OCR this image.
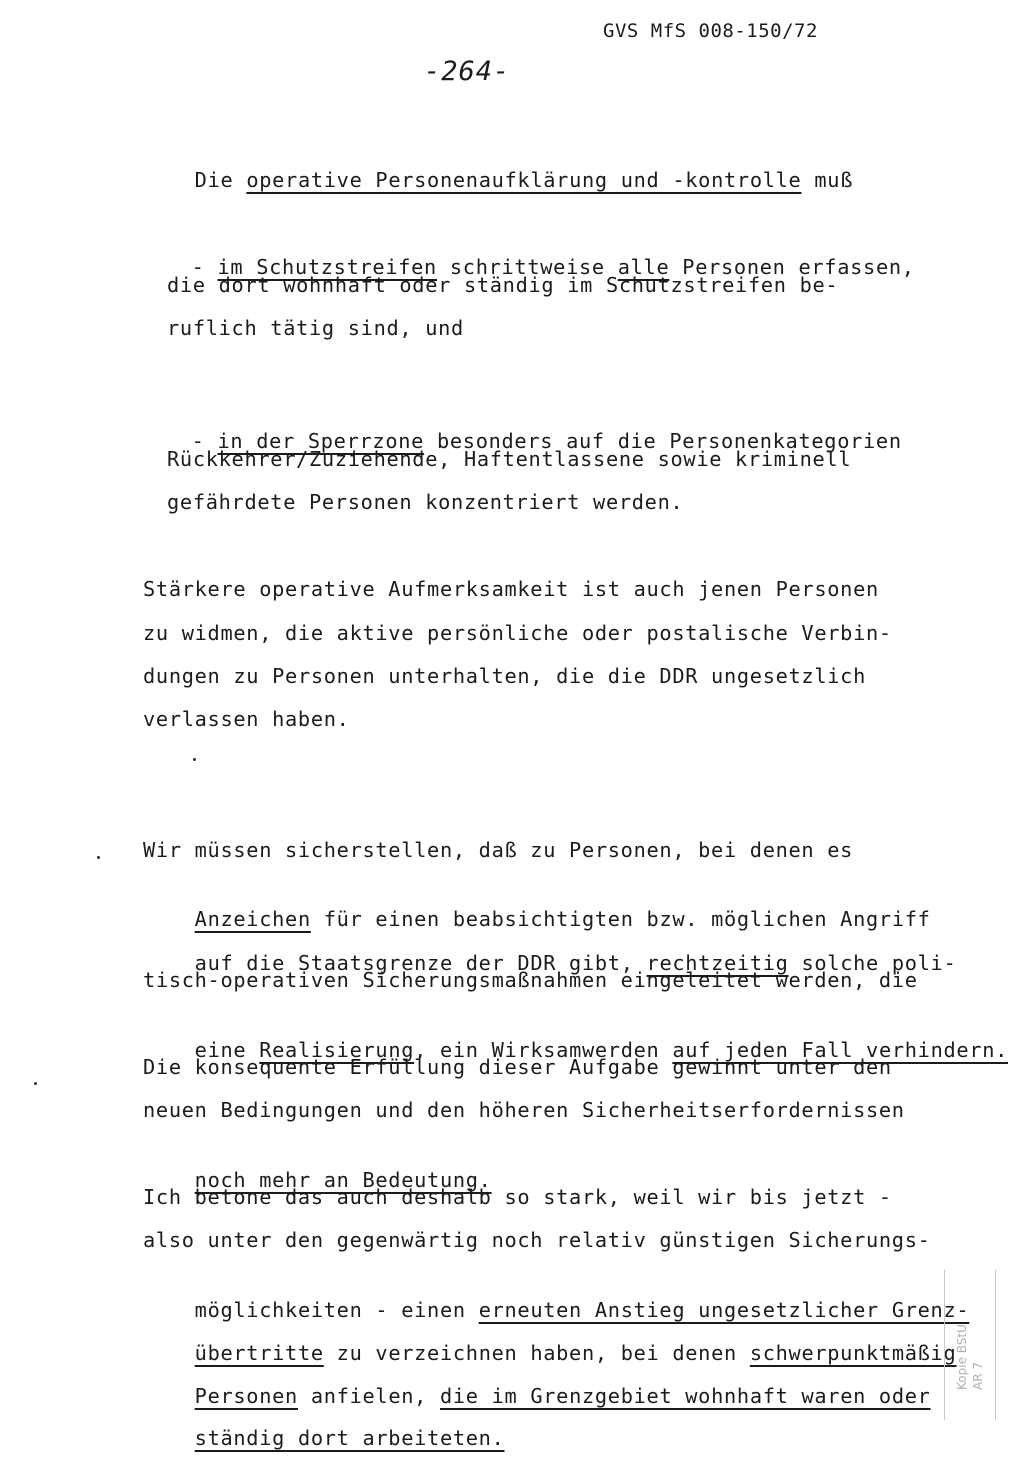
GVS MfS 008-150/72
-264-

Die operative Personenaufklärung und -kontrolle muß

- im Schutzstreifen schrittweise alle Personen erfassen,

die dort wohnhaft oder ständig im Schutzstreifen be-
ruflich tätig sind, und

- in der Sperrzone besonders auf die Personenkategorien

Rückkehrer/Zuziehende, Haftentlassene sowie kriminell
gefährdete Personen konzentriert werden.
Stärkere operative Aufmerksamkeit ist auch jenen Personen
zu widmen, die aktive persönliche oder postalische Verbin-
dungen zu Personen unterhalten, die die DDR ungesetzlich
verlassen haben.
Wir müssen sicherstellen, daß zu Personen, bei denen es

Anzeichen für einen beabsichtigten bzw. möglichen Angriff

auf die Staatsgrenze der DDR gibt, rechtzeitig solche poli-

tisch-operativen Sicherungsmaßnahmen eingeleitet werden, die

eine Realisierung, ein Wirksamwerden auf jeden Fall verhindern.

Die konsequente Erfüllung dieser Aufgabe gewinnt unter den
neuen Bedingungen und den höheren Sicherheitserfordernissen

noch mehr an Bedeutung.

Ich betone das auch deshalb so stark, weil wir bis jetzt -
also unter den gegenwärtig noch relativ günstigen Sicherungs-

möglichkeiten - einen erneuten Anstieg ungesetzlicher Grenz-

übertritte zu verzeichnen haben, bei denen schwerpunktmäßig

Personen anfielen, die im Grenzgebiet wohnhaft waren oder

ständig dort arbeiteten.

Kopie BStU AR 7
